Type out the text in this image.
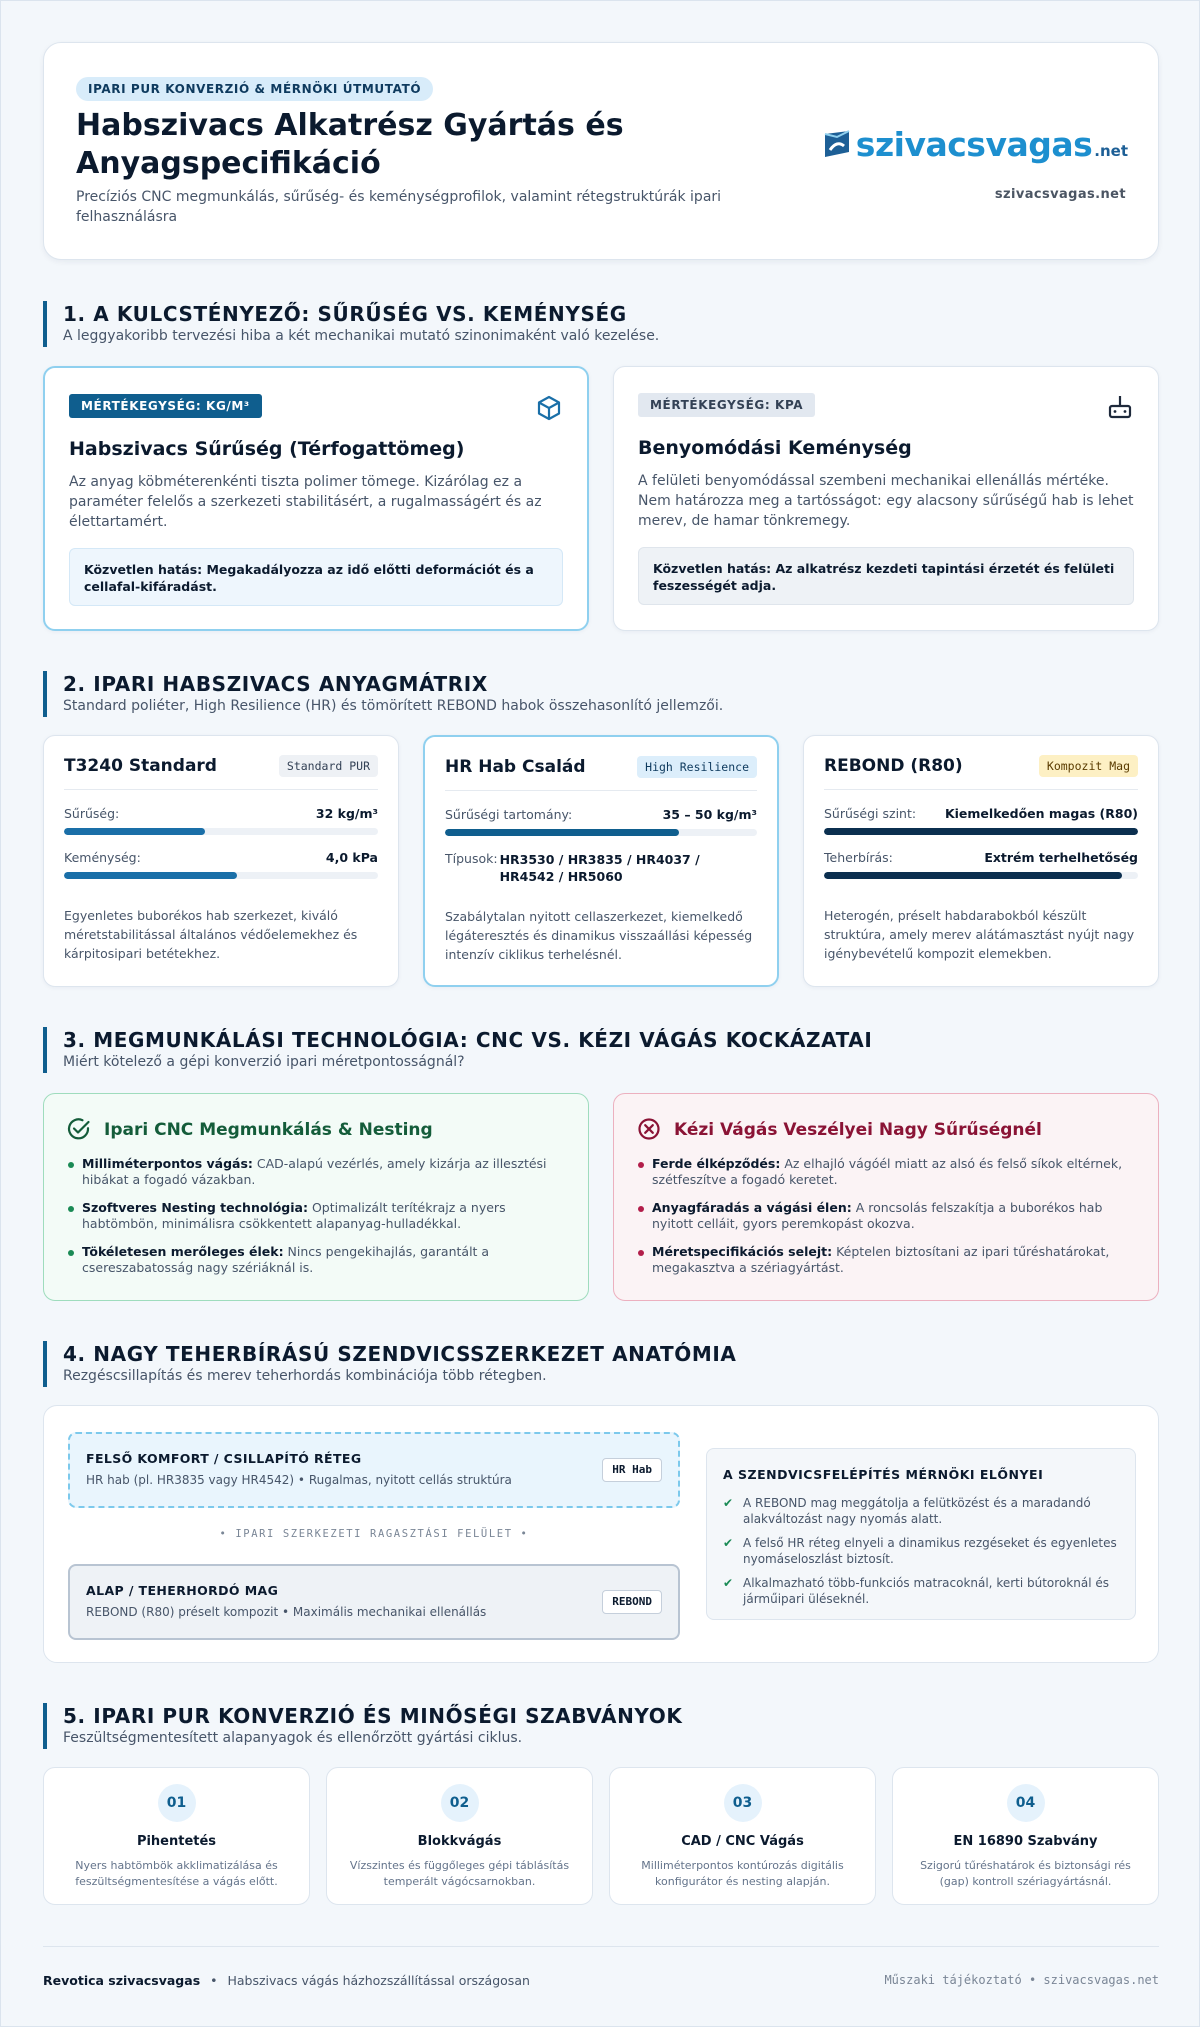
IPARI PUR KONVERZIÓ & MÉRNÖKI ÚTMUTATÓ
Habszivacs Alkatrész Gyártás és Anyagspecifikáció
Precíziós CNC megmunkálás, sűrűség- és keménységprofilok, valamint rétegstruktúrák ipari felhasználásra
szivacsvagas .net
szivacsvagas.net
1. A KULCSTÉNYEZŐ: SŰRŰSÉG VS. KEMÉNYSÉG

A leggyakoribb tervezési hiba a két mechanikai mutató szinonimaként való kezelése.

MÉRTÉKEGYSÉG: KG/M³
Habszivacs Sűrűség (Térfogattömeg)
Az anyag köbméterenkénti tiszta polimer tömege. Kizárólag ez a paraméter felelős a szerkezeti stabilitásért, a rugalmasságért és az élettartamért.
Közvetlen hatás: Megakadályozza az idő előtti deformációt és a cellafal-kifáradást.
MÉRTÉKEGYSÉG: KPA
Benyomódási Keménység
A felületi benyomódással szembeni mechanikai ellenállás mértéke. Nem határozza meg a tartósságot: egy alacsony sűrűségű hab is lehet merev, de hamar tönkremegy.
Közvetlen hatás: Az alkatrész kezdeti tapintási érzetét és felületi feszességét adja.
2. IPARI HABSZIVACS ANYAGMÁTRIX

Standard poliéter, High Resilience (HR) és tömörített REBOND habok összehasonlító jellemzői.

T3240 Standard	Standard PUR
Sűrűség:	32 kg/m³
Keménység:	4,0 kPa
Egyenletes buborékos hab szerkezet, kiváló méretstabilitással általános védőelemekhez és kárpitosipari betétekhez.
HR Hab Család	High Resilience
Sűrűségi tartomány:	35 – 50 kg/m³
Típusok: HR3530 / HR3835 / HR4037 / HR4542 / HR5060
Szabálytalan nyitott cellaszerkezet, kiemelkedő légáteresztés és dinamikus visszaállási képesség intenzív ciklikus terhelésnél.
REBOND (R80)	Kompozit Mag
Sűrűségi szint: Kiemelkedően magas (R80)
Teherbírás:	Extrém terhelhetőség
Heterogén, préselt habdarabokból készült struktúra, amely merev alátámasztást nyújt nagy igénybevételű kompozit elemekben.
3. MEGMUNKÁLÁSI TECHNOLÓGIA: CNC VS. KÉZI VÁGÁS KOCKÁZATAI

Miért kötelező a gépi konverzió ipari méretpontosságnál?

Ipari CNC Megmunkálás & Nesting
Milliméterpontos vágás: CAD-alapú vezérlés, amely kizárja az illesztési hibákat a fogadó vázakban.
Szoftveres Nesting technológia: Optimalizált terítékrajz a nyers habtömbön, minimálisra csökkentett alapanyag-hulladékkal.
Tökéletesen merőleges élek: Nincs pengekihajlás, garantált a csereszabatosság nagy szériáknál is.
Kézi Vágás Veszélyei Nagy Sűrűségnél
Ferde élképződés: Az elhajló vágóél miatt az alsó és felső síkok eltérnek, szétfeszítve a fogadó keretet.
Anyagfáradás a vágási élen: A roncsolás felszakítja a buborékos hab nyitott celláit, gyors peremkopást okozva.
Méretspecifikációs selejt: Képtelen biztosítani az ipari tűréshatárokat, megakasztva a szériagyártást.
4. NAGY TEHERBÍRÁSÚ SZENDVICSSZERKEZET ANATÓMIA

Rezgéscsillapítás és merev teherhordás kombinációja több rétegben.

FELSŐ KOMFORT / CSILLAPÍTÓ RÉTEG

HR hab (pl. HR3835 vagy HR4542) • Rugalmas, nyitott cellás struktúra

HR Hab
• IPARI SZERKEZETI RAGASZTÁSI FELÜLET •
ALAP / TEHERHORDÓ MAG

REBOND (R80) préselt kompozit • Maximális mechanikai ellenállás

REBOND
A SZENDVICSFELÉPÍTÉS MÉRNÖKI ELŐNYEI
✔ A REBOND mag meggátolja a felütközést és a maradandó alakváltozást nagy nyomás alatt.
✔ A felső HR réteg elnyeli a dinamikus rezgéseket és egyenletes nyomáseloszlást biztosít.
✔ Alkalmazható több-funkciós matracoknál, kerti bútoroknál és járműipari üléseknél.
5. IPARI PUR KONVERZIÓ ÉS MINŐSÉGI SZABVÁNYOK

Feszültségmentesített alapanyagok és ellenőrzött gyártási ciklus.

01
Pihentetés

Nyers habtömbök akklimatizálása és feszültségmentesítése a vágás előtt.

02
Blokkvágás

Vízszintes és függőleges gépi táblásítás temperált vágócsarnokban.

03
CAD / CNC Vágás

Milliméterpontos kontúrozás digitális konfigurátor és nesting alapján.

04
EN 16890 Szabvány

Szigorú tűréshatárok és biztonsági rés (gap) kontroll szériagyártásnál.

Revotica szivacsvagas • Habszivacs vágás házhozszállítással országosan	Műszaki tájékoztató • szivacsvagas.net
